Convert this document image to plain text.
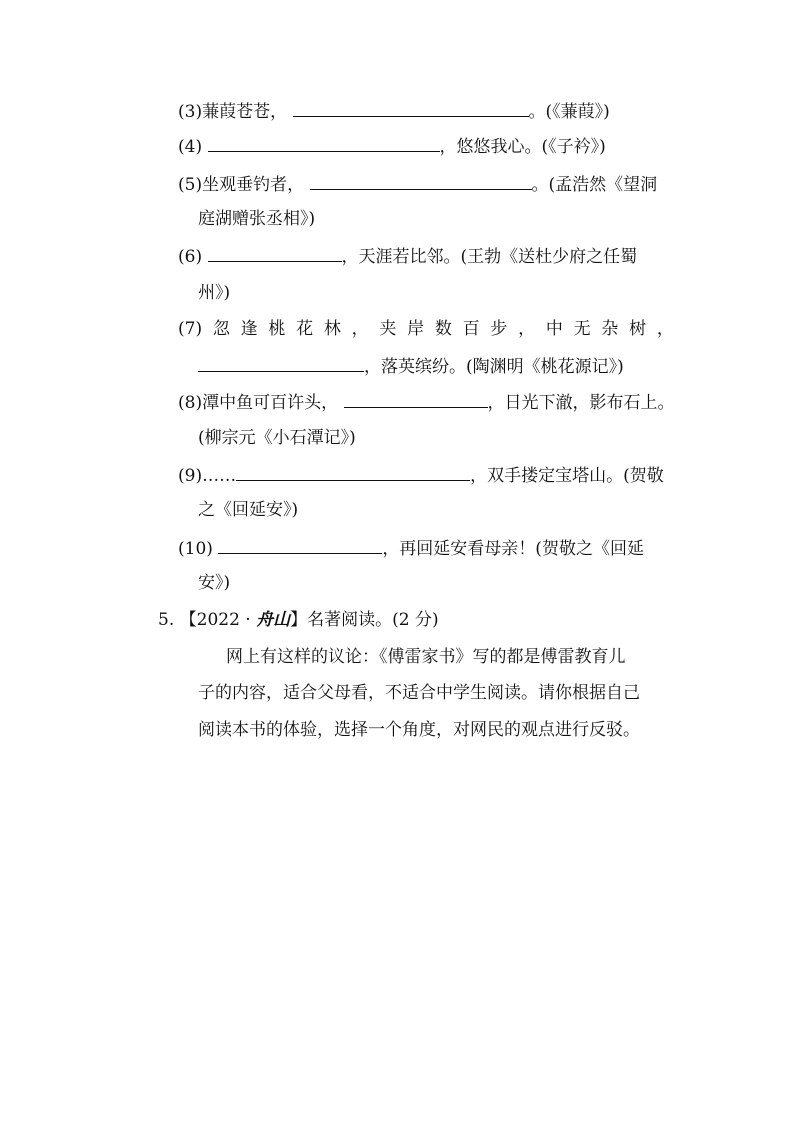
(3)蒹葭苍苍，	。(《蒹葭》)
(4)	，悠悠我心。(《子衿》)
(5)坐观垂钓者，	。(孟浩然《望洞
庭湖赠张丞相》)
(6)	，天涯若比邻。(王勃《送杜少府之任蜀
州》)
(7) 忽 逢 桃 花 林 ， 夹 岸 数 百 步 ， 中 无 杂 树 ，
，落英缤纷。(陶渊明《桃花源记》)
(8)潭中鱼可百许头，	，日光下澈，影布石上。
(柳宗元《小石潭记》)
(9)……	，双手搂定宝塔山。(贺敬
之《回延安》)
(10)	，再回延安看母亲！(贺敬之《回延
安》)
5. 【2022 · 舟山】名著阅读。(2 分)
网上有这样的议论：《傅雷家书》写的都是傅雷教育儿
子的内容，适合父母看，不适合中学生阅读。请你根据自己
阅读本书的体验，选择一个角度，对网民的观点进行反驳。
